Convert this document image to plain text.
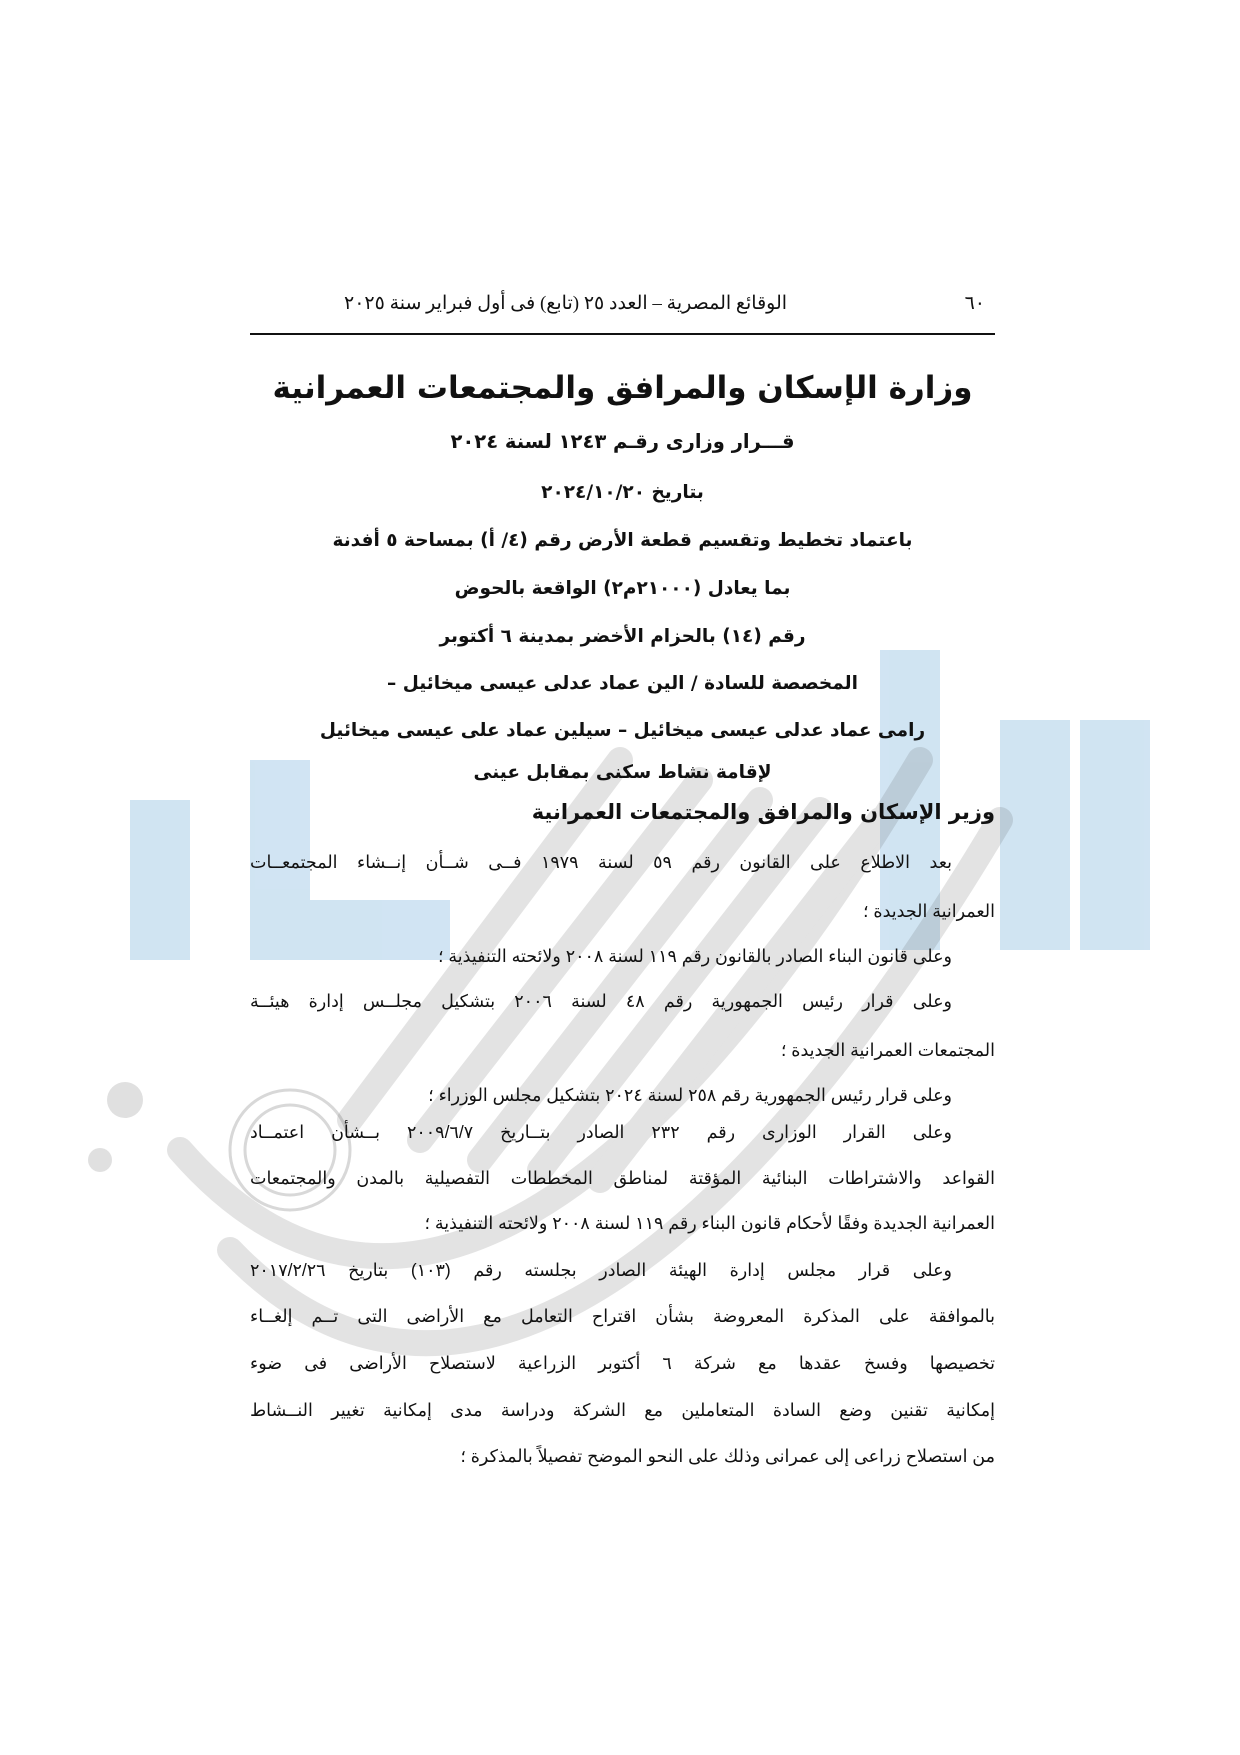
٦٠
الوقائع المصرية – العدد ٢٥ (تابع) فى أول فبراير سنة ٢٠٢٥
وزارة الإسكان والمرافق والمجتمعات العمرانية
قـــرار وزارى رقـم ١٢٤٣ لسنة ٢٠٢٤
بتاريخ ٢٠٢٤/١٠/٢٠
باعتماد تخطيط وتقسيم قطعة الأرض رقم (٤/ أ) بمساحة ٥ أفدنة
بما يعادل (٢١٠٠٠م٢) الواقعة بالحوض
رقم (١٤) بالحزام الأخضر بمدينة ٦ أكتوبر
المخصصة للسادة / الين عماد عدلى عيسى ميخائيل –
رامى عماد عدلى عيسى ميخائيل – سيلين عماد على عيسى ميخائيل
لإقامة نشاط سكنى بمقابل عينى
وزير الإسكان والمرافق والمجتمعات العمرانية
بعد الاطلاع على القانون رقم ٥٩ لسنة ١٩٧٩ فــى شــأن إنــشاء المجتمعــات
العمرانية الجديدة ؛
وعلى قانون البناء الصادر بالقانون رقم ١١٩ لسنة ٢٠٠٨ ولائحته التنفيذية ؛
وعلى قرار رئيس الجمهورية رقم ٤٨ لسنة ٢٠٠٦ بتشكيل مجلــس إدارة هيئــة
المجتمعات العمرانية الجديدة ؛
وعلى قرار رئيس الجمهورية رقم ٢٥٨ لسنة ٢٠٢٤ بتشكيل مجلس الوزراء ؛
وعلى القرار الوزارى رقم ٢٣٢ الصادر بتــاريخ ٢٠٠٩/٦/٧ بــشأن اعتمــاد
القواعد والاشتراطات البنائية المؤقتة لمناطق المخططات التفصيلية بالمدن والمجتمعات
العمرانية الجديدة وفقًا لأحكام قانون البناء رقم ١١٩ لسنة ٢٠٠٨ ولائحته التنفيذية ؛
وعلى قرار مجلس إدارة الهيئة الصادر بجلسته رقم (١٠٣) بتاريخ ٢٠١٧/٢/٢٦
بالموافقة على المذكرة المعروضة بشأن اقتراح التعامل مع الأراضى التى تــم إلغــاء
تخصيصها وفسخ عقدها مع شركة ٦ أكتوبر الزراعية لاستصلاح الأراضى فى ضوء
إمكانية تقنين وضع السادة المتعاملين مع الشركة ودراسة مدى إمكانية تغيير النــشاط
من استصلاح زراعى إلى عمرانى وذلك على النحو الموضح تفصيلاً بالمذكرة ؛
